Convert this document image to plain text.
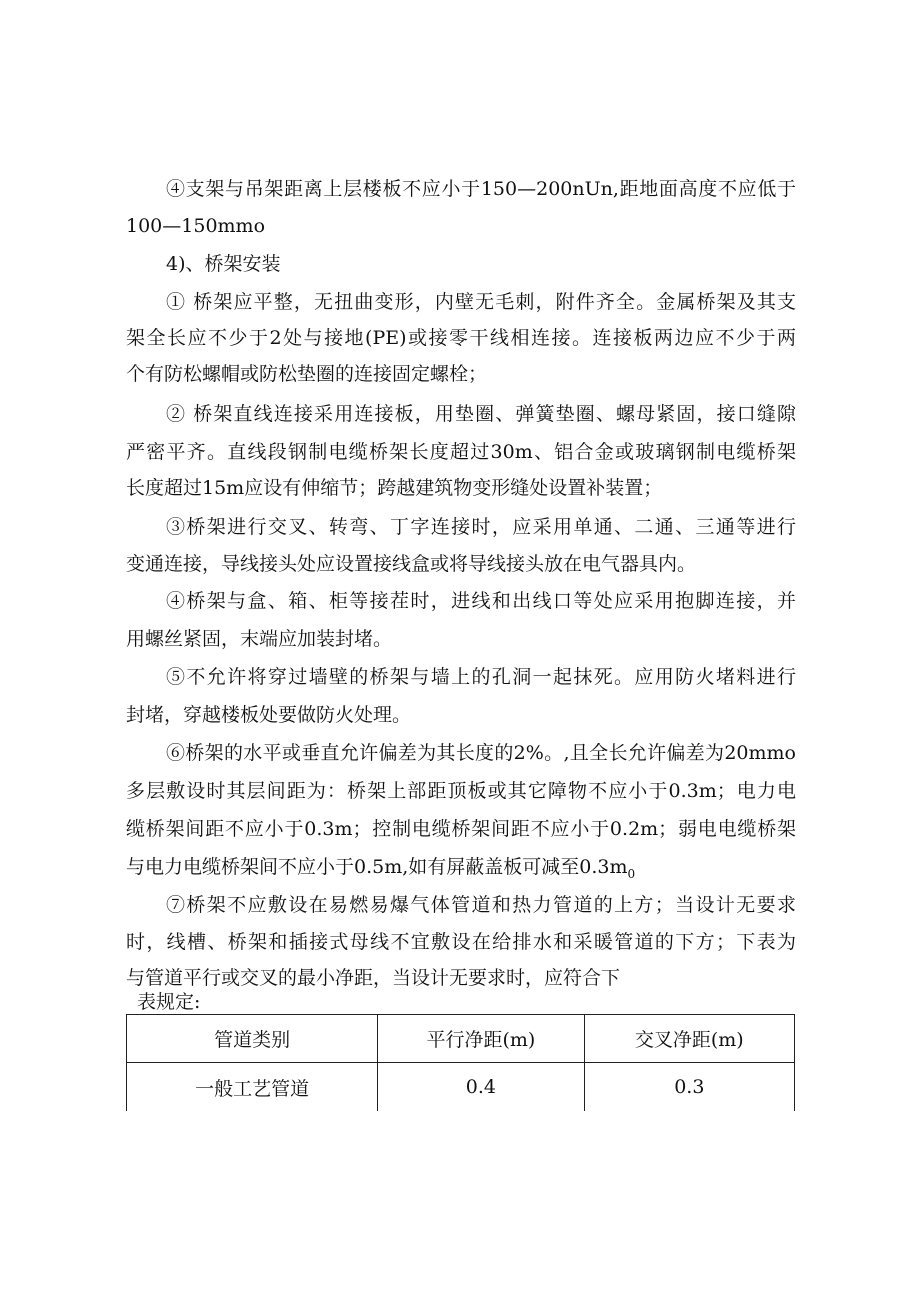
④支架与吊架距离上层楼板不应小于150—200nUn,距地面高度不应低于
100—150mmo
4)、桥架安装
① 桥架应平整，无扭曲变形，内壁无毛刺，附件齐全。金属桥架及其支
架全长应不少于2处与接地(PE)或接零干线相连接。连接板两边应不少于两
个有防松螺帽或防松垫圈的连接固定螺栓；
② 桥架直线连接采用连接板，用垫圈、弹簧垫圈、螺母紧固，接口缝隙
严密平齐。直线段钢制电缆桥架长度超过30m、铝合金或玻璃钢制电缆桥架
长度超过15m应设有伸缩节；跨越建筑物变形缝处设置补装置；
③桥架进行交叉、转弯、丁字连接时，应采用单通、二通、三通等进行
变通连接，导线接头处应设置接线盒或将导线接头放在电气器具内。
④桥架与盒、箱、柜等接茬时，进线和出线口等处应采用抱脚连接，并
用螺丝紧固，末端应加装封堵。
⑤不允许将穿过墙壁的桥架与墙上的孔洞一起抹死。应用防火堵料进行
封堵，穿越楼板处要做防火处理。
⑥桥架的水平或垂直允许偏差为其长度的2%。,且全长允许偏差为20mmo
多层敷设时其层间距为：桥架上部距顶板或其它障物不应小于0.3m；电力电
缆桥架间距不应小于0.3m；控制电缆桥架间距不应小于0.2m；弱电电缆桥架
与电力电缆桥架间不应小于0.5m,如有屏蔽盖板可减至$0.3m_0$
⑦桥架不应敷设在易燃易爆气体管道和热力管道的上方；当设计无要求
时，线槽、桥架和插接式母线不宜敷设在给排水和采暖管道的下方；下表为
与管道平行或交叉的最小净距，当设计无要求时，应符合下
表规定:
管道类别	平行净距(m)	交叉净距(m)
一般工艺管道	0.4	0.3
